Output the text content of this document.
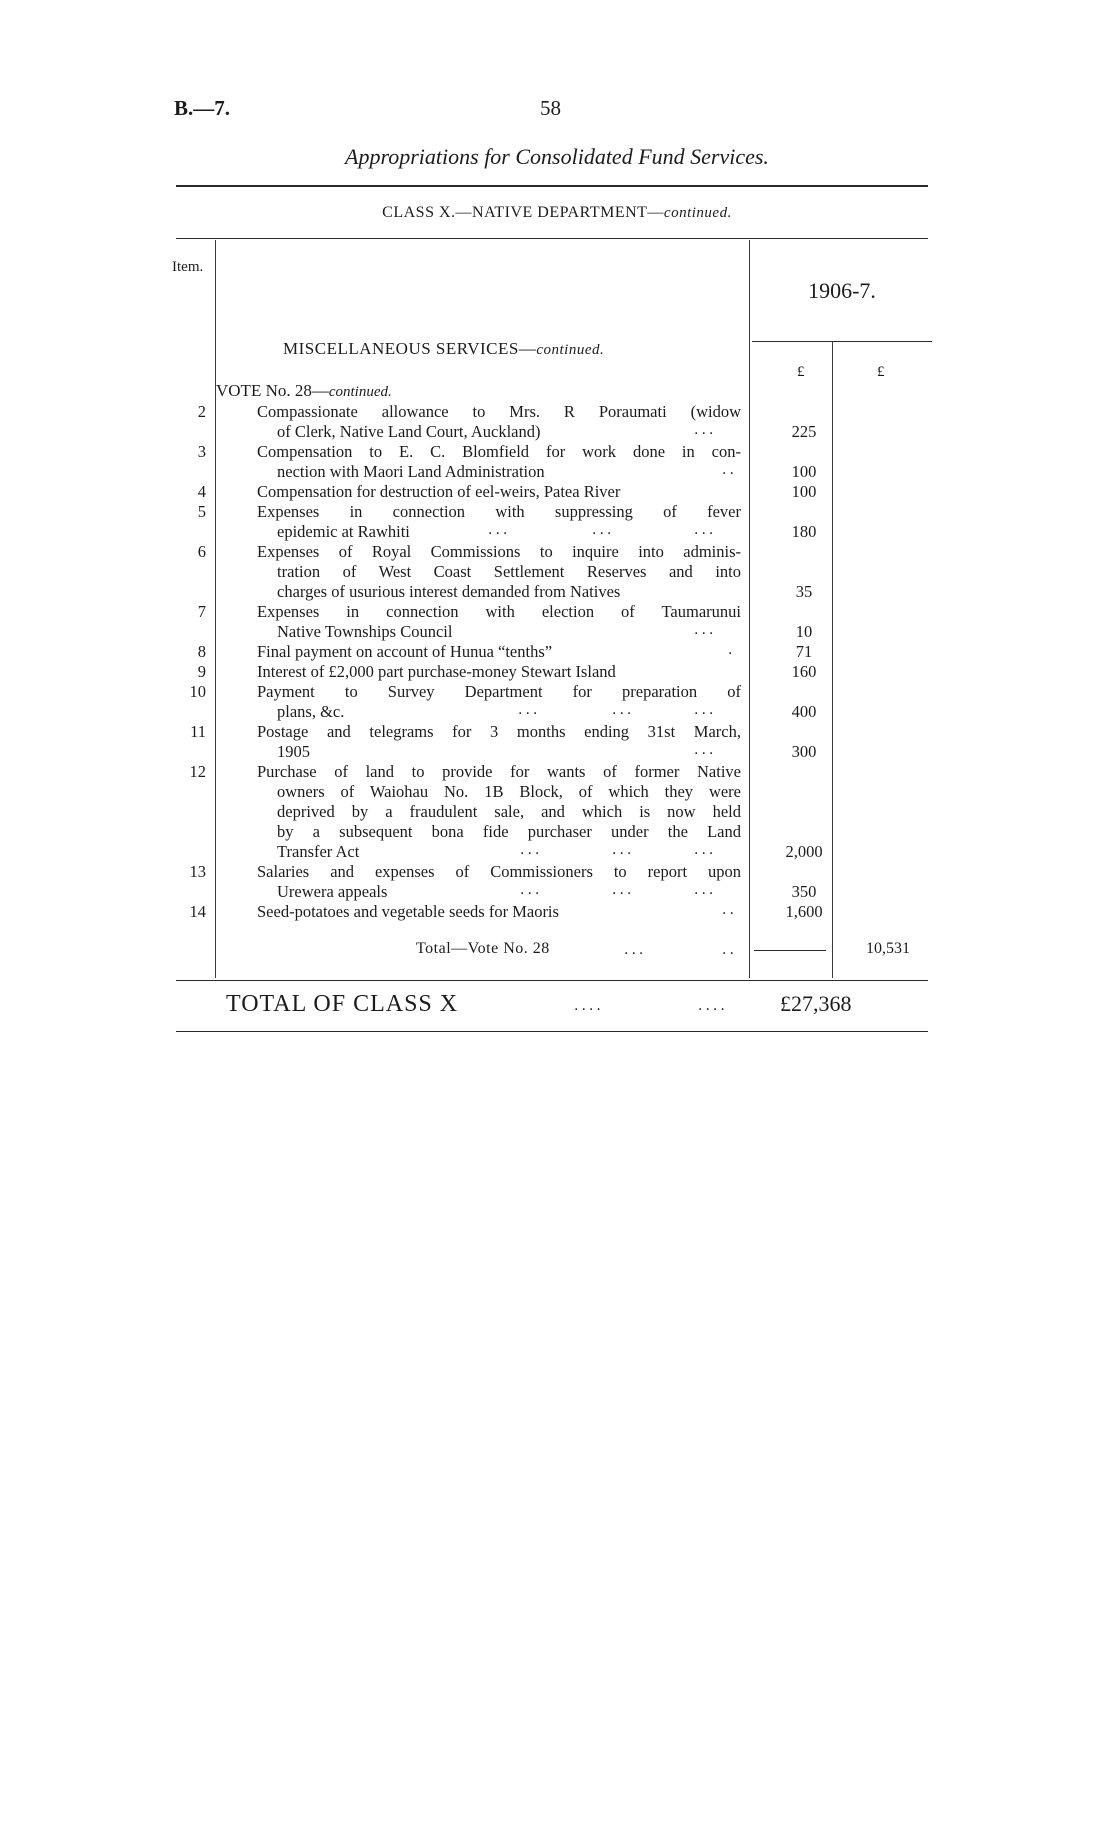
B.—7.	58
Appropriations for Consolidated Fund Services.
CLASS X.—NATIVE DEPARTMENT—continued.
Item.
1906-7.
£	£
MISCELLANEOUS SERVICES—continued.
VOTE No. 28—continued.
2	Compassionate allowance to Mrs. R Poraumati (widow
of Clerk, Native Land Court, Auckland)	225
...
3	Compensation to E. C. Blomfield for work done in con-
nection with Maori Land Administration	100
..
4	Compensation for destruction of eel-weirs, Patea River	100
5	Expenses in connection with suppressing of fever
epidemic at Rawhiti	180
...	...	...
6	Expenses of Royal Commissions to inquire into adminis-
tration of West Coast Settlement Reserves and into
charges of usurious interest demanded from Natives	35
7	Expenses in connection with election of Taumarunui
Native Townships Council	10
...
8	Final payment on account of Hunua “tenths”	71
.
9	Interest of £2,000 part purchase-money Stewart Island	160
10	Payment to Survey Department for preparation of
plans, &c.	400
...	...	...
11	Postage and telegrams for 3 months ending 31st March,
1905	300
...
12	Purchase of land to provide for wants of former Native
owners of Waiohau No. 1B Block, of which they were
deprived by a fraudulent sale, and which is now held
by a subsequent bona fide purchaser under the Land
Transfer Act	2,000
...	...	...
13	Salaries and expenses of Commissioners to report upon
Urewera appeals	350
...	...	...
14	Seed-potatoes and vegetable seeds for Maoris	1,600
..
Total—Vote No. 28	...	..	10,531
TOTAL OF CLASS X	....	.... £27,368
